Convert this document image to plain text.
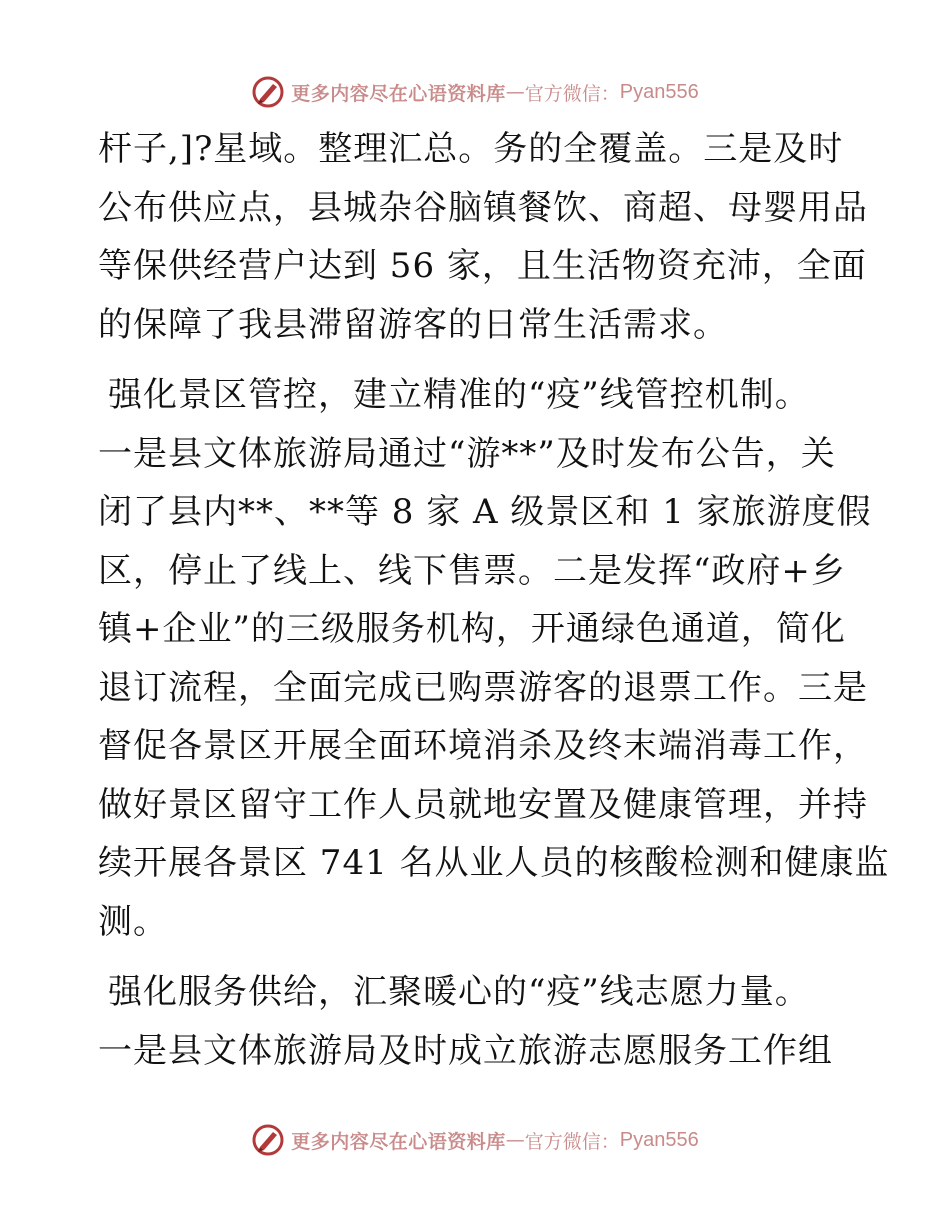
更多内容尽在心语资料库 — 官方微信： Pyan556
杆子,]?星域。整理汇总。务的全覆盖。三是及时
公布供应点，县城杂谷脑镇餐饮、商超、母婴用品
等保供经营户达到 56 家，且生活物资充沛，全面
的保障了我县滞留游客的日常生活需求。
强化景区管控，建立精准的“疫”线管控机制。
一是县文体旅游局通过“游**”及时发布公告，关
闭了县内**、**等 8 家 A 级景区和 1 家旅游度假
区，停止了线上、线下售票。二是发挥“政府+乡
镇+企业”的三级服务机构，开通绿色通道，简化
退订流程，全面完成已购票游客的退票工作。三是
督促各景区开展全面环境消杀及终末端消毒工作，
做好景区留守工作人员就地安置及健康管理，并持
续开展各景区 741 名从业人员的核酸检测和健康监
测。
强化服务供给，汇聚暖心的“疫”线志愿力量。
一是县文体旅游局及时成立旅游志愿服务工作组
更多内容尽在心语资料库 — 官方微信： Pyan556
